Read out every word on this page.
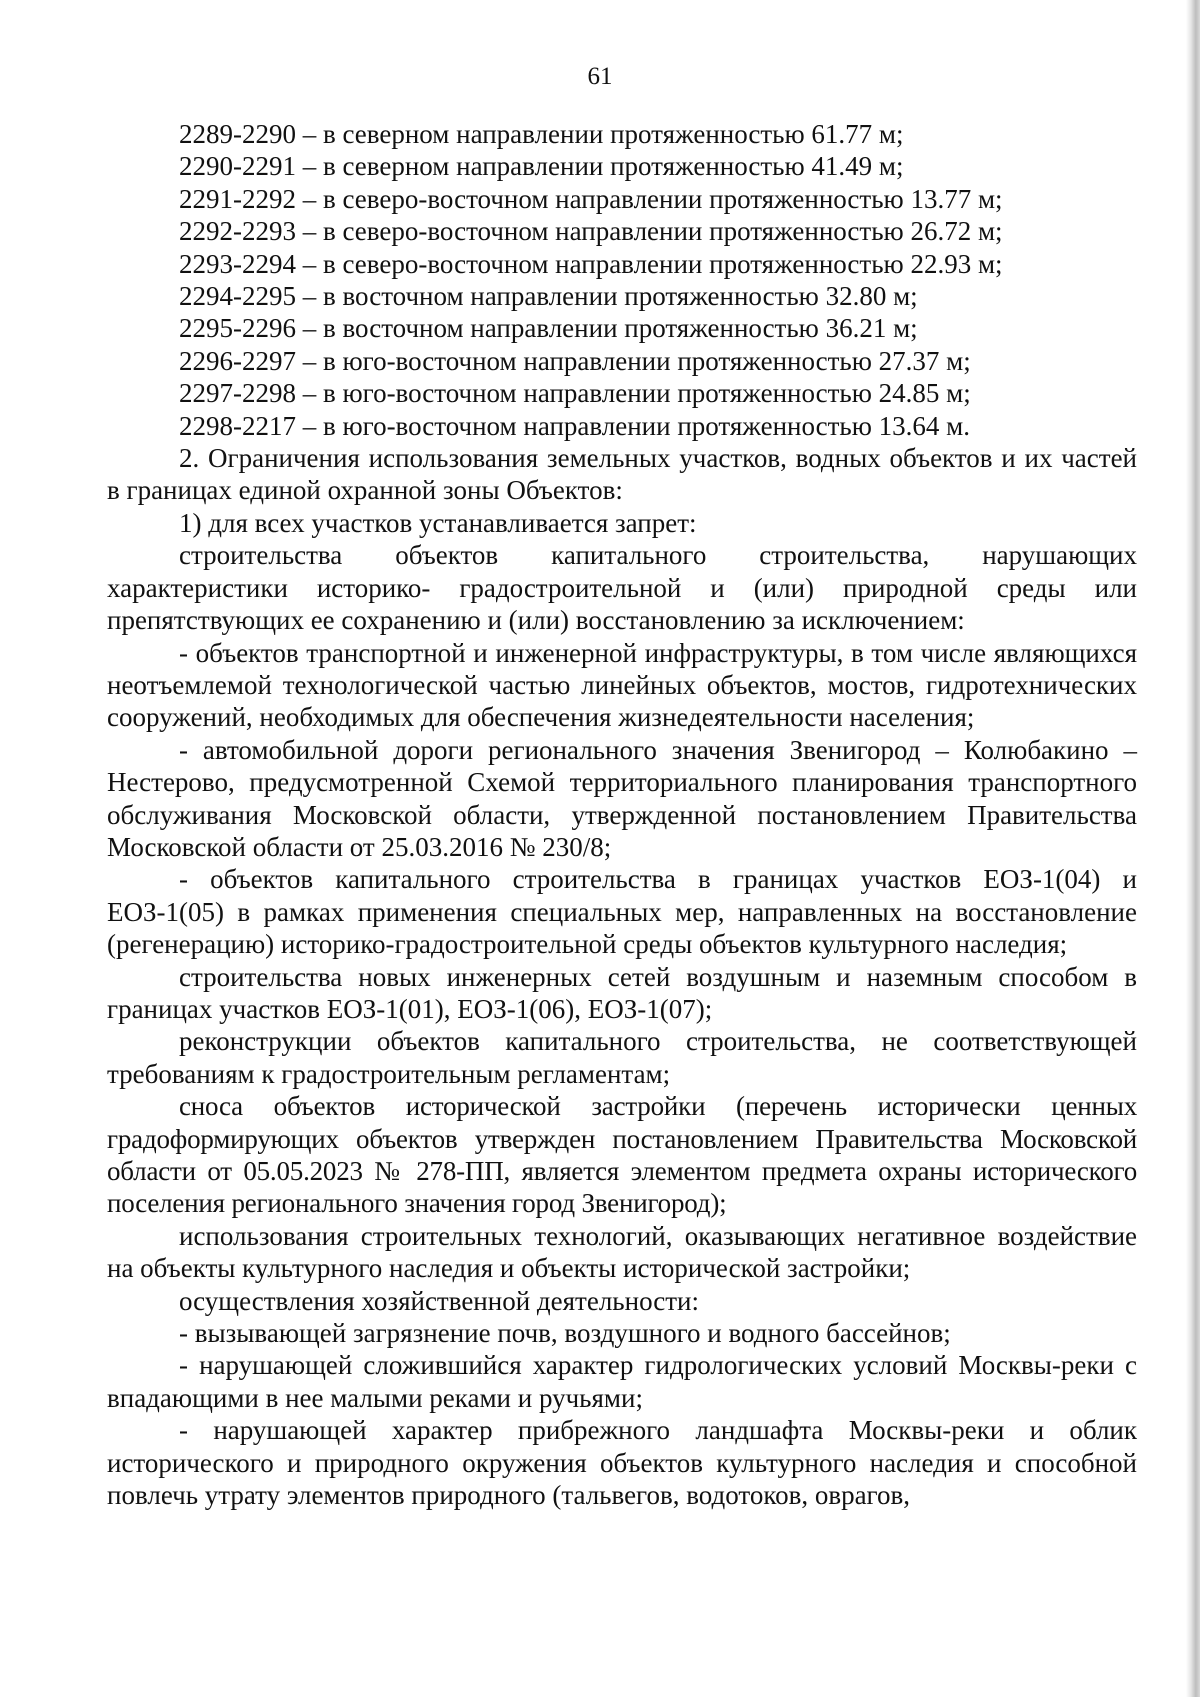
61

2289-2290 – в северном направлении протяженностью 61.77 м;

2290-2291 – в северном направлении протяженностью 41.49 м;

2291-2292 – в северо-восточном направлении протяженностью 13.77 м;

2292-2293 – в северо-восточном направлении протяженностью 26.72 м;

2293-2294 – в северо-восточном направлении протяженностью 22.93 м;

2294-2295 – в восточном направлении протяженностью 32.80 м;

2295-2296 – в восточном направлении протяженностью 36.21 м;

2296-2297 – в юго-восточном направлении протяженностью 27.37 м;

2297-2298 – в юго-восточном направлении протяженностью 24.85 м;

2298-2217 – в юго-восточном направлении протяженностью 13.64 м.

2. Ограничения использования земельных участков, водных объектов и их частей в границах единой охранной зоны Объектов:

1) для всех участков устанавливается запрет:

строительства объектов капитального строительства, нарушающих характеристики историко- градостроительной и (или) природной среды или препятствующих ее сохранению и (или) восстановлению за исключением:

- объектов транспортной и инженерной инфраструктуры, в том числе являющихся неотъемлемой технологической частью линейных объектов, мостов, гидротехнических сооружений, необходимых для обеспечения жизнедеятельности населения;

- автомобильной дороги регионального значения Звенигород – Колюбакино – Нестерово, предусмотренной Схемой территориального планирования транспортного обслуживания Московской области, утвержденной постановлением Правительства Московской области от 25.03.2016 № 230/8;

- объектов капитального строительства в границах участков ЕОЗ-1(04) и ЕОЗ-1(05) в рамках применения специальных мер, направленных на восстановление (регенерацию) историко-градостроительной среды объектов культурного наследия;

строительства новых инженерных сетей воздушным и наземным способом в границах участков ЕОЗ-1(01), ЕОЗ-1(06), ЕОЗ-1(07);

реконструкции объектов капитального строительства, не соответствующей требованиям к градостроительным регламентам;

сноса объектов исторической застройки (перечень исторически ценных градоформирующих объектов утвержден постановлением Правительства Московской области от 05.05.2023 № 278-ПП, является элементом предмета охраны исторического поселения регионального значения город Звенигород);

использования строительных технологий, оказывающих негативное воздействие на объекты культурного наследия и объекты исторической застройки;

осуществления хозяйственной деятельности:

- вызывающей загрязнение почв, воздушного и водного бассейнов;

- нарушающей сложившийся характер гидрологических условий Москвы-реки с впадающими в нее малыми реками и ручьями;

- нарушающей характер прибрежного ландшафта Москвы-реки и облик исторического и природного окружения объектов культурного наследия и способной повлечь утрату элементов природного (тальвегов, водотоков, оврагов,
